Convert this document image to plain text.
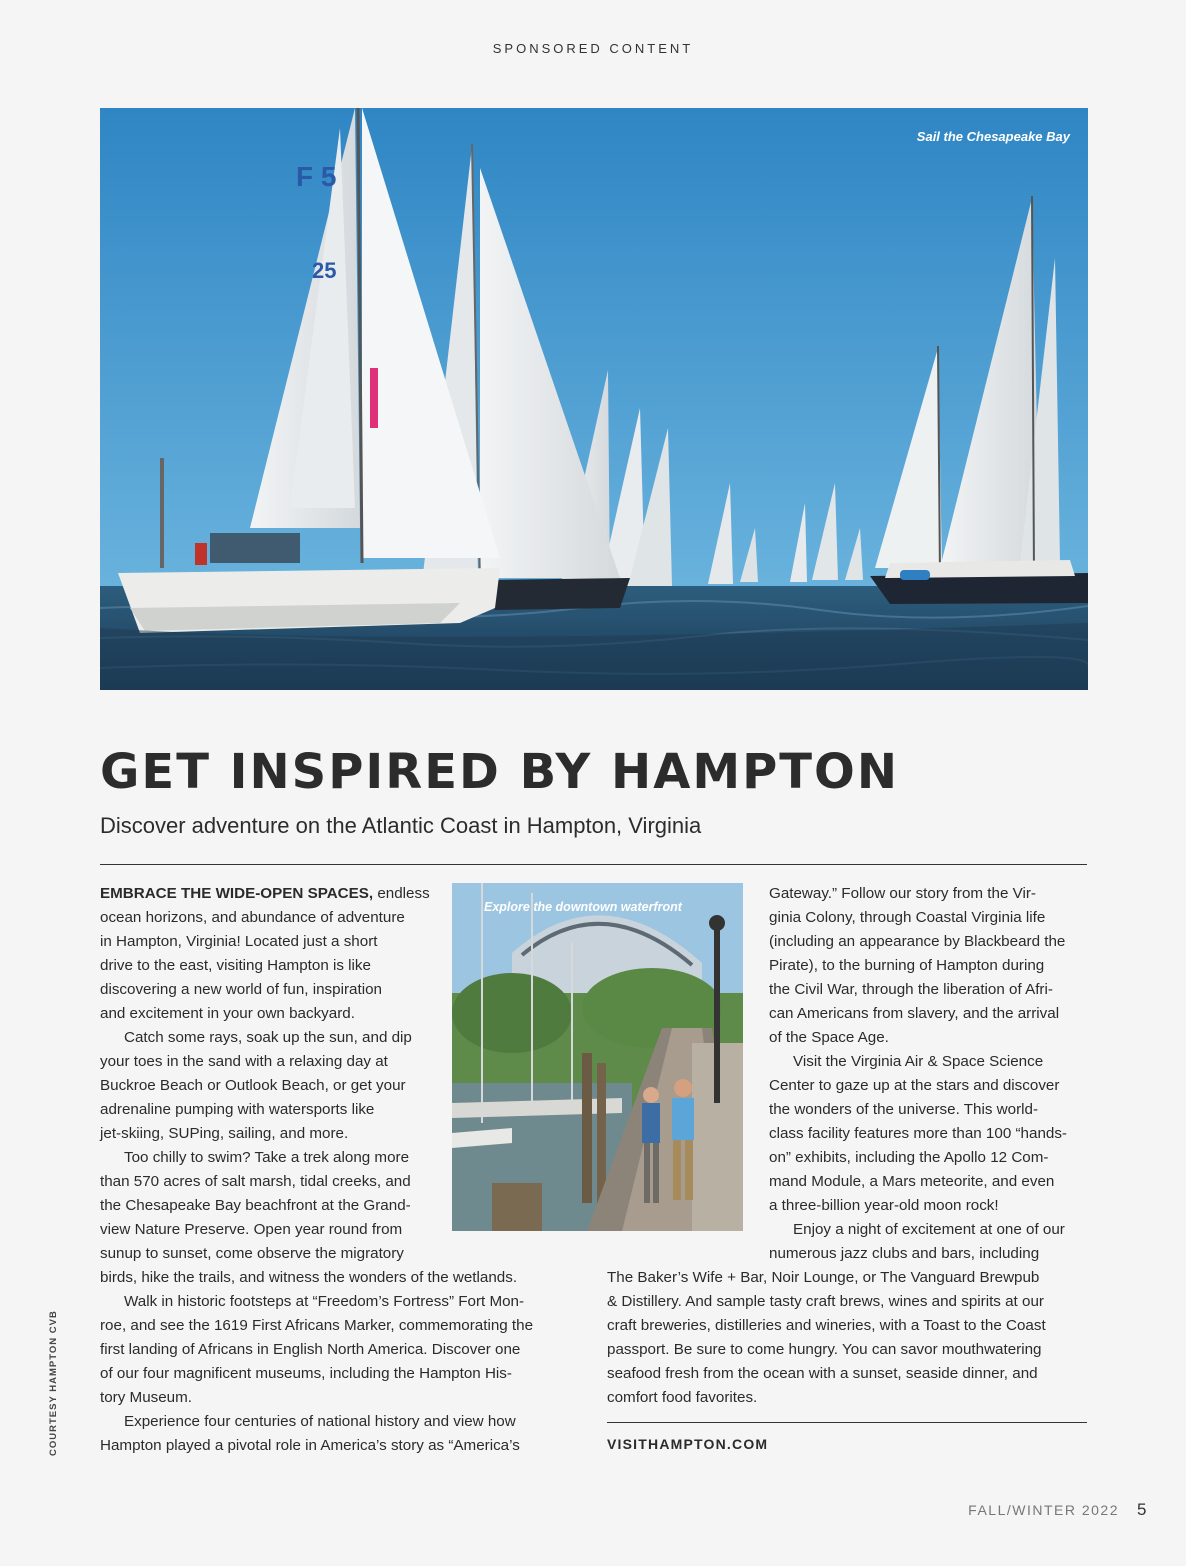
SPONSORED CONTENT
F 5
25
Sail the Chesapeake Bay
GET INSPIRED BY HAMPTON
Discover adventure on the Atlantic Coast in Hampton, Virginia
EMBRACE THE WIDE-OPEN SPACES, endless
ocean horizons, and abundance of adventure
in Hampton, Virginia! Located just a short
drive to the east, visiting Hampton is like
discovering a new world of fun, inspiration
and excitement in your own backyard.
Catch some rays, soak up the sun, and dip
your toes in the sand with a relaxing day at
Buckroe Beach or Outlook Beach, or get your
adrenaline pumping with watersports like
jet-skiing, SUPing, sailing, and more.
Too chilly to swim? Take a trek along more
than 570 acres of salt marsh, tidal creeks, and
the Chesapeake Bay beachfront at the Grand-
view Nature Preserve. Open year round from
sunup to sunset, come observe the migratory
birds, hike the trails, and witness the wonders of the wetlands.
Walk in historic footsteps at “Freedom’s Fortress” Fort Mon-
roe, and see the 1619 First Africans Marker, commemorating the
first landing of Africans in English North America. Discover one
of our four magnificent museums, including the Hampton His-
tory Museum.
Experience four centuries of national history and view how
Hampton played a pivotal role in America’s story as “America’s
Explore the downtown waterfront
Gateway.” Follow our story from the Vir-
ginia Colony, through Coastal Virginia life
(including an appearance by Blackbeard the
Pirate), to the burning of Hampton during
the Civil War, through the liberation of Afri-
can Americans from slavery, and the arrival
of the Space Age.
Visit the Virginia Air & Space Science
Center to gaze up at the stars and discover
the wonders of the universe. This world-
class facility features more than 100 “hands-
on” exhibits, including the Apollo 12 Com-
mand Module, a Mars meteorite, and even
a three-billion year-old moon rock!
Enjoy a night of excitement at one of our
numerous jazz clubs and bars, including
The Baker’s Wife + Bar, Noir Lounge, or The Vanguard Brewpub
& Distillery. And sample tasty craft brews, wines and spirits at our
craft breweries, distilleries and wineries, with a Toast to the Coast
passport. Be sure to come hungry. You can savor mouthwatering
seafood fresh from the ocean with a sunset, seaside dinner, and
comfort food favorites.
VISITHAMPTON.COM
COURTESY HAMPTON CVB
FALL/WINTER 2022 5
